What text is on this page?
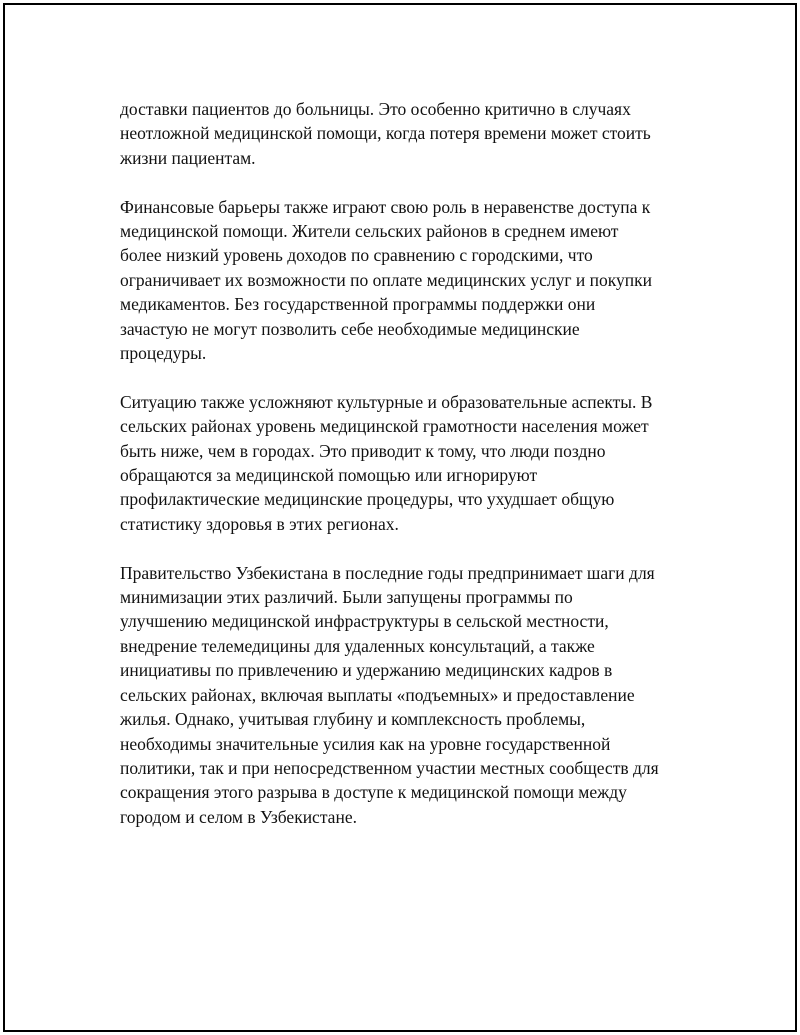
доставки пациентов до больницы. Это особенно критично в случаях
неотложной медицинской помощи, когда потеря времени может стоить
жизни пациентам.

Финансовые барьеры также играют свою роль в неравенстве доступа к
медицинской помощи. Жители сельских районов в среднем имеют
более низкий уровень доходов по сравнению с городскими, что
ограничивает их возможности по оплате медицинских услуг и покупки
медикаментов. Без государственной программы поддержки они
зачастую не могут позволить себе необходимые медицинские
процедуры.

Ситуацию также усложняют культурные и образовательные аспекты. В
сельских районах уровень медицинской грамотности населения может
быть ниже, чем в городах. Это приводит к тому, что люди поздно
обращаются за медицинской помощью или игнорируют
профилактические медицинские процедуры, что ухудшает общую
статистику здоровья в этих регионах.

Правительство Узбекистана в последние годы предпринимает шаги для
минимизации этих различий. Были запущены программы по
улучшению медицинской инфраструктуры в сельской местности,
внедрение телемедицины для удаленных консультаций, а также
инициативы по привлечению и удержанию медицинских кадров в
сельских районах, включая выплаты «подъемных» и предоставление
жилья. Однако, учитывая глубину и комплексность проблемы,
необходимы значительные усилия как на уровне государственной
политики, так и при непосредственном участии местных сообществ для
сокращения этого разрыва в доступе к медицинской помощи между
городом и селом в Узбекистане.
